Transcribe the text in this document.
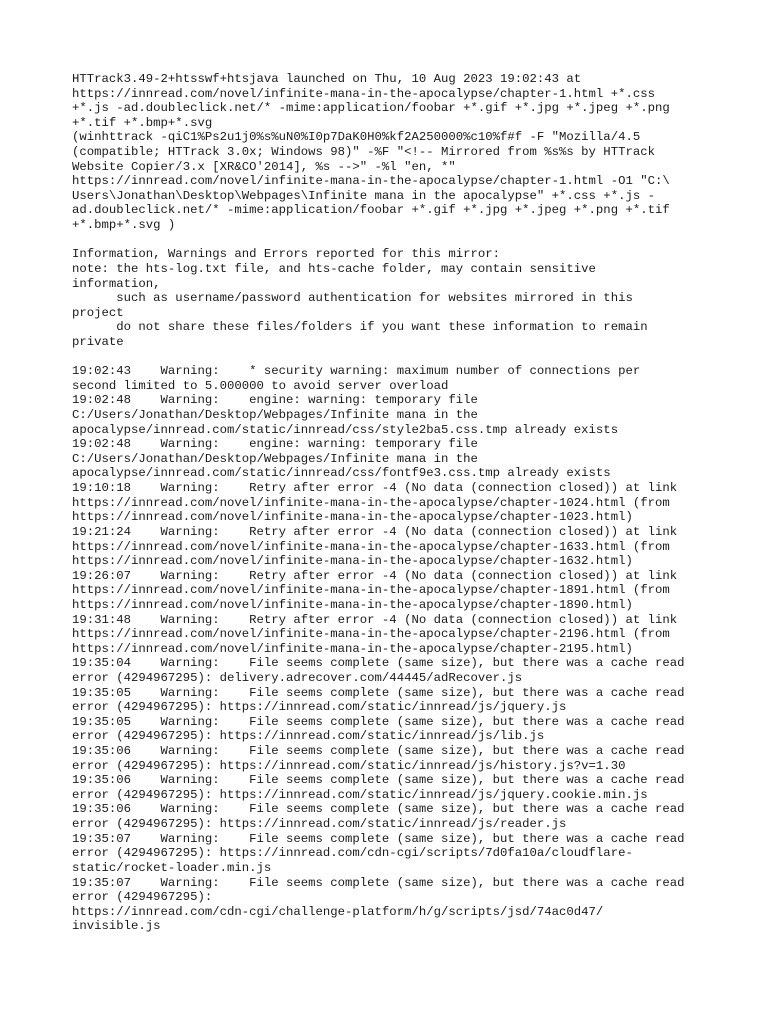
HTTrack3.49-2+htsswf+htsjava launched on Thu, 10 Aug 2023 19:02:43 at
https://innread.com/novel/infinite-mana-in-the-apocalypse/chapter-1.html +*.css
+*.js -ad.doubleclick.net/* -mime:application/foobar +*.gif +*.jpg +*.jpeg +*.png
+*.tif +*.bmp+*.svg
(winhttrack -qiC1%Ps2u1j0%s%uN0%I0p7DaK0H0%kf2A250000%c10%f#f -F "Mozilla/4.5
(compatible; HTTrack 3.0x; Windows 98)" -%F "<!-- Mirrored from %s%s by HTTrack
Website Copier/3.x [XR&CO'2014], %s -->" -%l "en, *"
https://innread.com/novel/infinite-mana-in-the-apocalypse/chapter-1.html -O1 "C:\
Users\Jonathan\Desktop\Webpages\Infinite mana in the apocalypse" +*.css +*.js -
ad.doubleclick.net/* -mime:application/foobar +*.gif +*.jpg +*.jpeg +*.png +*.tif
+*.bmp+*.svg )
Information, Warnings and Errors reported for this mirror:
note: the hts-log.txt file, and hts-cache folder, may contain sensitive
information,
such as username/password authentication for websites mirrored in this
project
do not share these files/folders if you want these information to remain
private
19:02:43    Warning:    * security warning: maximum number of connections per
second limited to 5.000000 to avoid server overload
19:02:48    Warning:    engine: warning: temporary file
C:/Users/Jonathan/Desktop/Webpages/Infinite mana in the
apocalypse/innread.com/static/innread/css/style2ba5.css.tmp already exists
19:02:48    Warning:    engine: warning: temporary file
C:/Users/Jonathan/Desktop/Webpages/Infinite mana in the
apocalypse/innread.com/static/innread/css/fontf9e3.css.tmp already exists
19:10:18    Warning:    Retry after error -4 (No data (connection closed)) at link
https://innread.com/novel/infinite-mana-in-the-apocalypse/chapter-1024.html (from
https://innread.com/novel/infinite-mana-in-the-apocalypse/chapter-1023.html)
19:21:24    Warning:    Retry after error -4 (No data (connection closed)) at link
https://innread.com/novel/infinite-mana-in-the-apocalypse/chapter-1633.html (from
https://innread.com/novel/infinite-mana-in-the-apocalypse/chapter-1632.html)
19:26:07    Warning:    Retry after error -4 (No data (connection closed)) at link
https://innread.com/novel/infinite-mana-in-the-apocalypse/chapter-1891.html (from
https://innread.com/novel/infinite-mana-in-the-apocalypse/chapter-1890.html)
19:31:48    Warning:    Retry after error -4 (No data (connection closed)) at link
https://innread.com/novel/infinite-mana-in-the-apocalypse/chapter-2196.html (from
https://innread.com/novel/infinite-mana-in-the-apocalypse/chapter-2195.html)
19:35:04    Warning:    File seems complete (same size), but there was a cache read
error (4294967295): delivery.adrecover.com/44445/adRecover.js
19:35:05    Warning:    File seems complete (same size), but there was a cache read
error (4294967295): https://innread.com/static/innread/js/jquery.js
19:35:05    Warning:    File seems complete (same size), but there was a cache read
error (4294967295): https://innread.com/static/innread/js/lib.js
19:35:06    Warning:    File seems complete (same size), but there was a cache read
error (4294967295): https://innread.com/static/innread/js/history.js?v=1.30
19:35:06    Warning:    File seems complete (same size), but there was a cache read
error (4294967295): https://innread.com/static/innread/js/jquery.cookie.min.js
19:35:06    Warning:    File seems complete (same size), but there was a cache read
error (4294967295): https://innread.com/static/innread/js/reader.js
19:35:07    Warning:    File seems complete (same size), but there was a cache read
error (4294967295): https://innread.com/cdn-cgi/scripts/7d0fa10a/cloudflare-
static/rocket-loader.min.js
19:35:07    Warning:    File seems complete (same size), but there was a cache read
error (4294967295):
https://innread.com/cdn-cgi/challenge-platform/h/g/scripts/jsd/74ac0d47/
invisible.js
